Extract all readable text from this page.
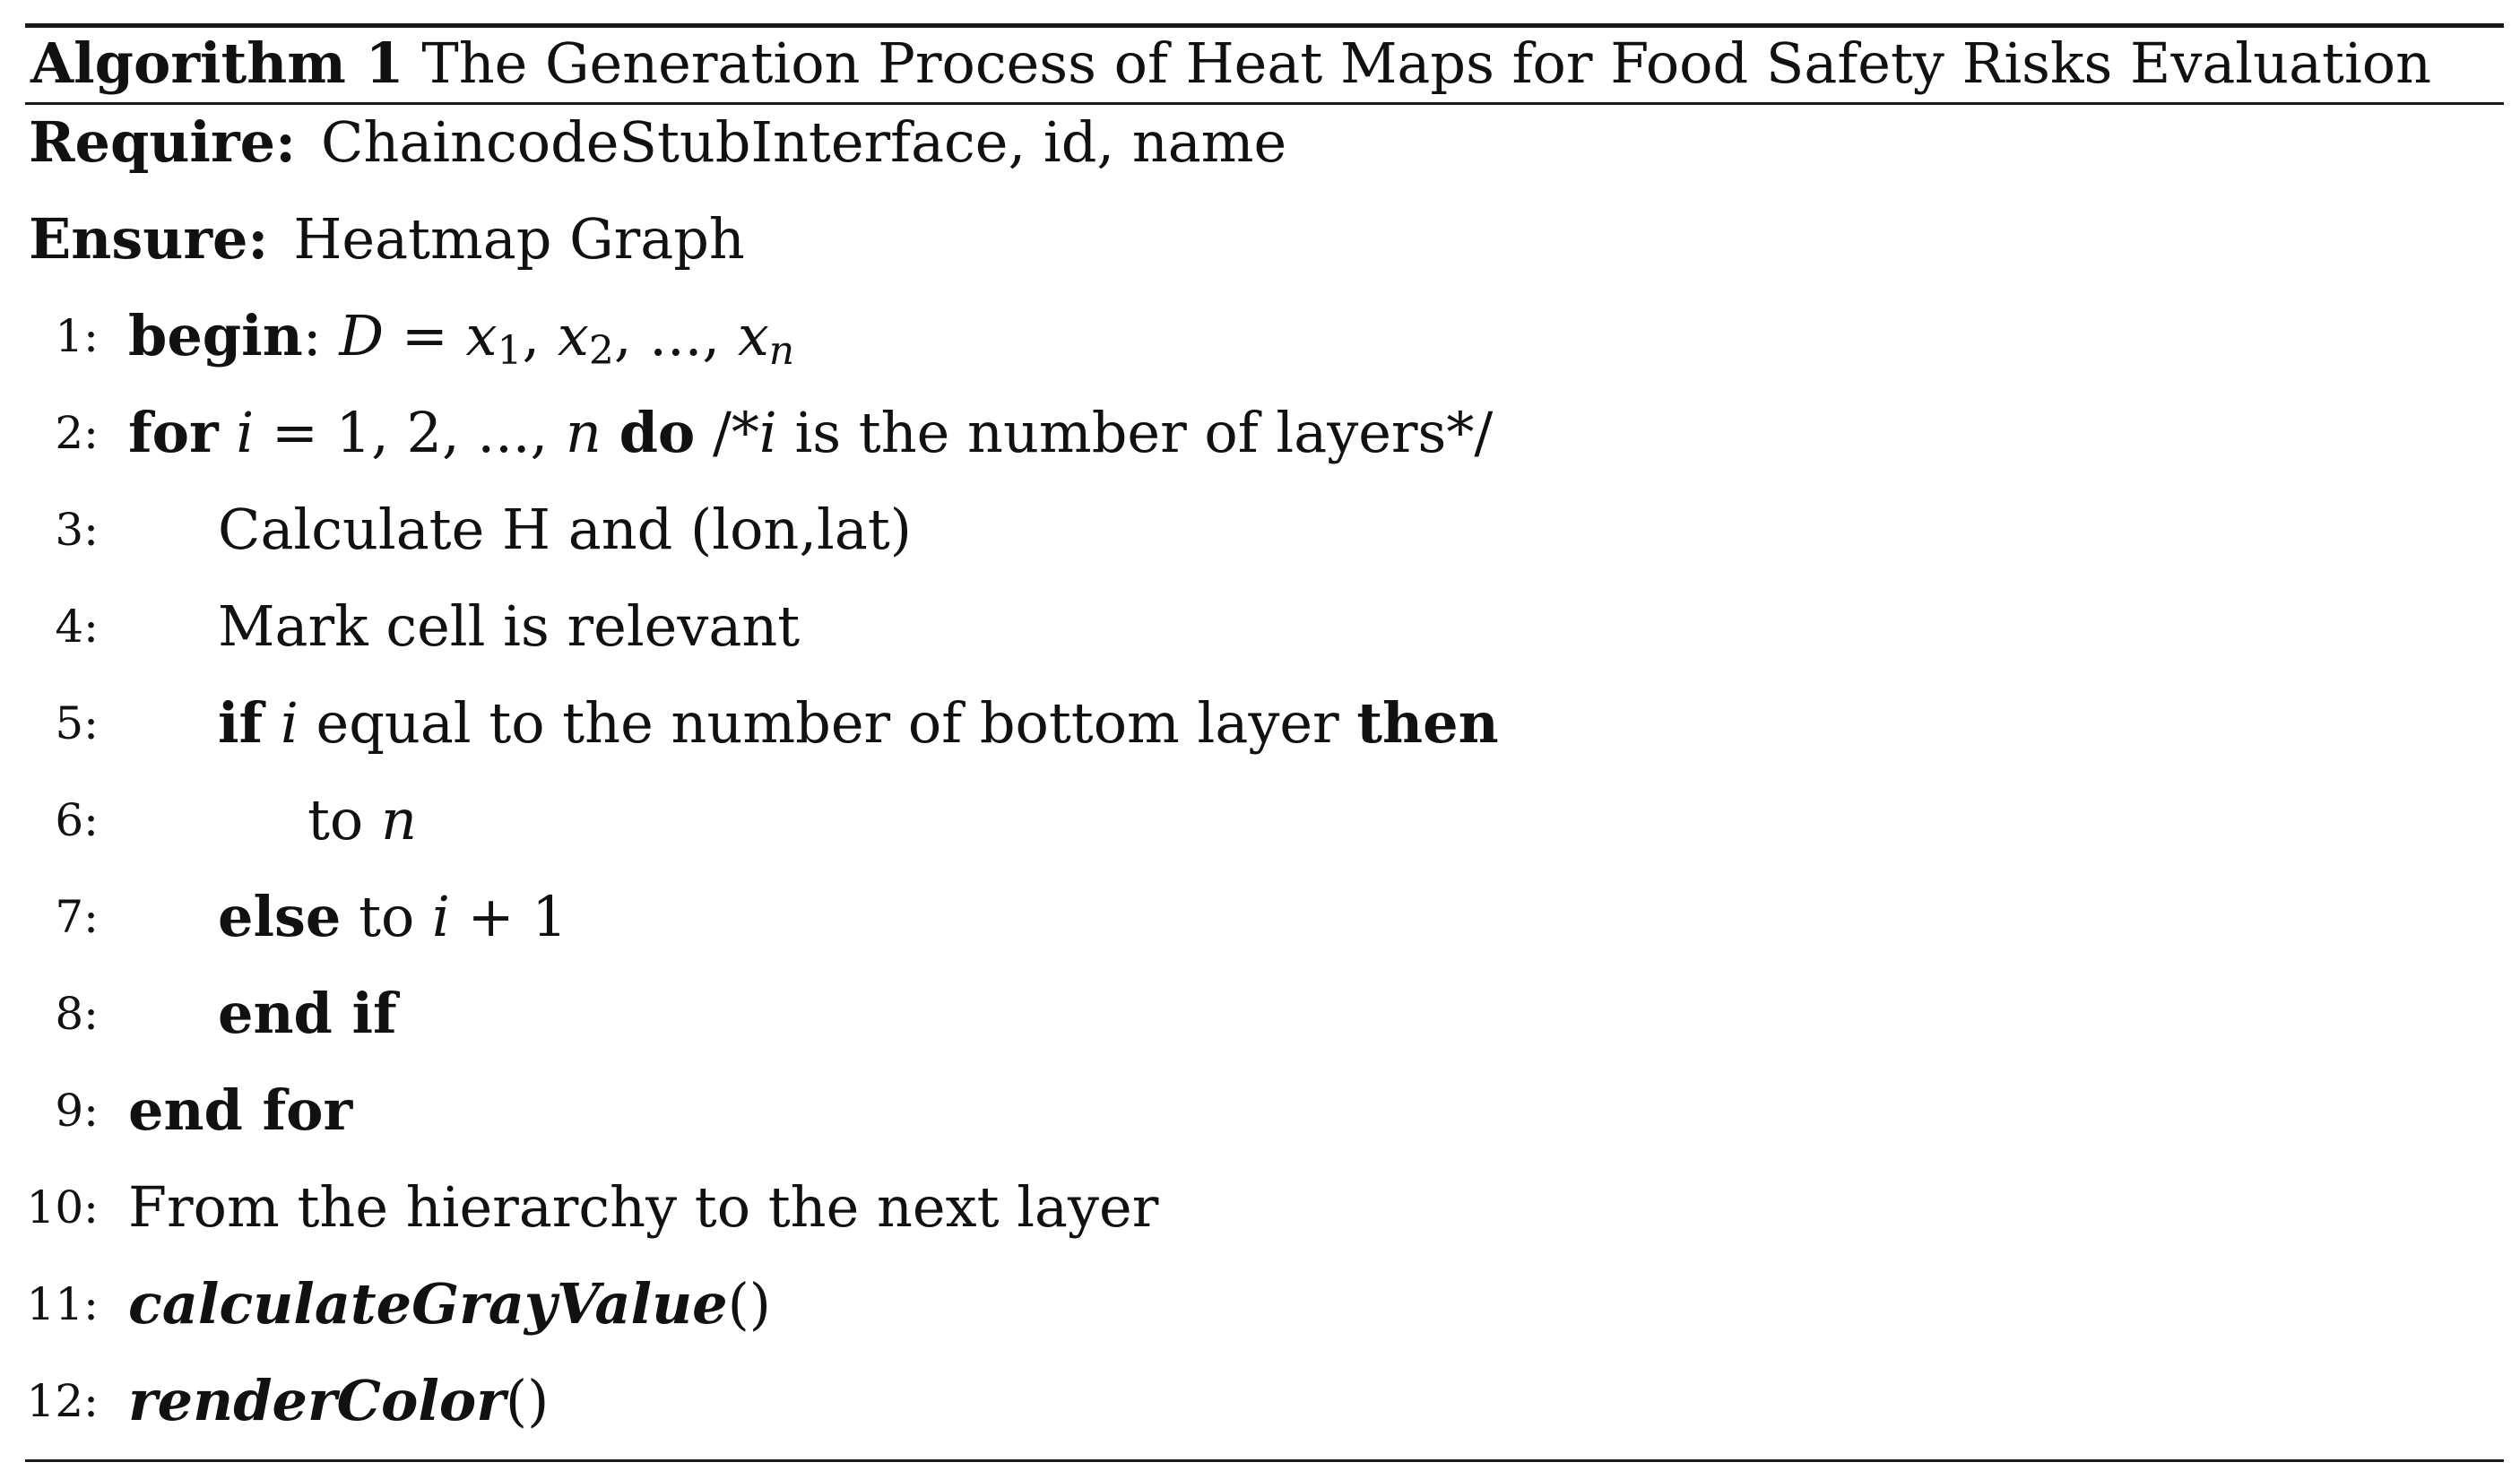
Algorithm 1 The Generation Process of Heat Maps for Food Safety Risks Evaluation
Require: ChaincodeStubInterface, id, name
Ensure: Heatmap Graph
1: begin: $D = x_1$, $x_2$, ..., $x_n$
2: for i = 1, 2, ..., n do /*i is the number of layers*/
3: Calculate H and (lon,lat)
4: Mark cell is relevant
5: if i equal to the number of bottom layer then
6:	to n
7: else to i + 1
8: end if
9: end for
10: From the hierarchy to the next layer
11: calculateGrayValue()
12: renderColor()
